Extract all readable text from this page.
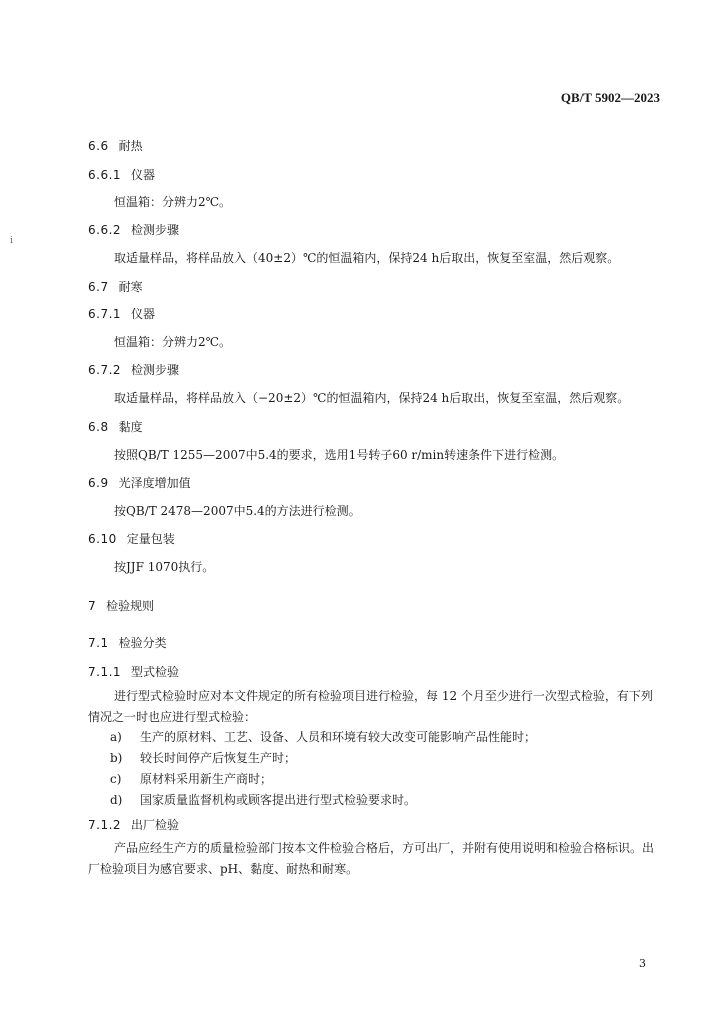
QB/T 5902—2023
i
6.6 耐热
6.6.1 仪器
恒温箱：分辨力2℃。
6.6.2 检测步骤
取适量样品，将样品放入（40±2）℃的恒温箱内，保持24 h后取出，恢复至室温，然后观察。
6.7 耐寒
6.7.1 仪器
恒温箱：分辨力2℃。
6.7.2 检测步骤
取适量样品，将样品放入（−20±2）℃的恒温箱内，保持24 h后取出，恢复至室温，然后观察。
6.8 黏度
按照QB/T 1255—2007中5.4的要求，选用1号转子60 r/min转速条件下进行检测。
6.9 光泽度增加值
按QB/T 2478—2007中5.4的方法进行检测。
6.10 定量包装
按JJF 1070执行。
7 检验规则
7.1 检验分类
7.1.1 型式检验
进行型式检验时应对本文件规定的所有检验项目进行检验，每 12 个月至少进行一次型式检验，有下列情况之一时也应进行型式检验：
a) 生产的原材料、工艺、设备、人员和环境有较大改变可能影响产品性能时；
b) 较长时间停产后恢复生产时；
c) 原材料采用新生产商时；
d) 国家质量监督机构或顾客提出进行型式检验要求时。
7.1.2 出厂检验
产品应经生产方的质量检验部门按本文件检验合格后，方可出厂，并附有使用说明和检验合格标识。出厂检验项目为感官要求、pH、黏度、耐热和耐寒。
3
